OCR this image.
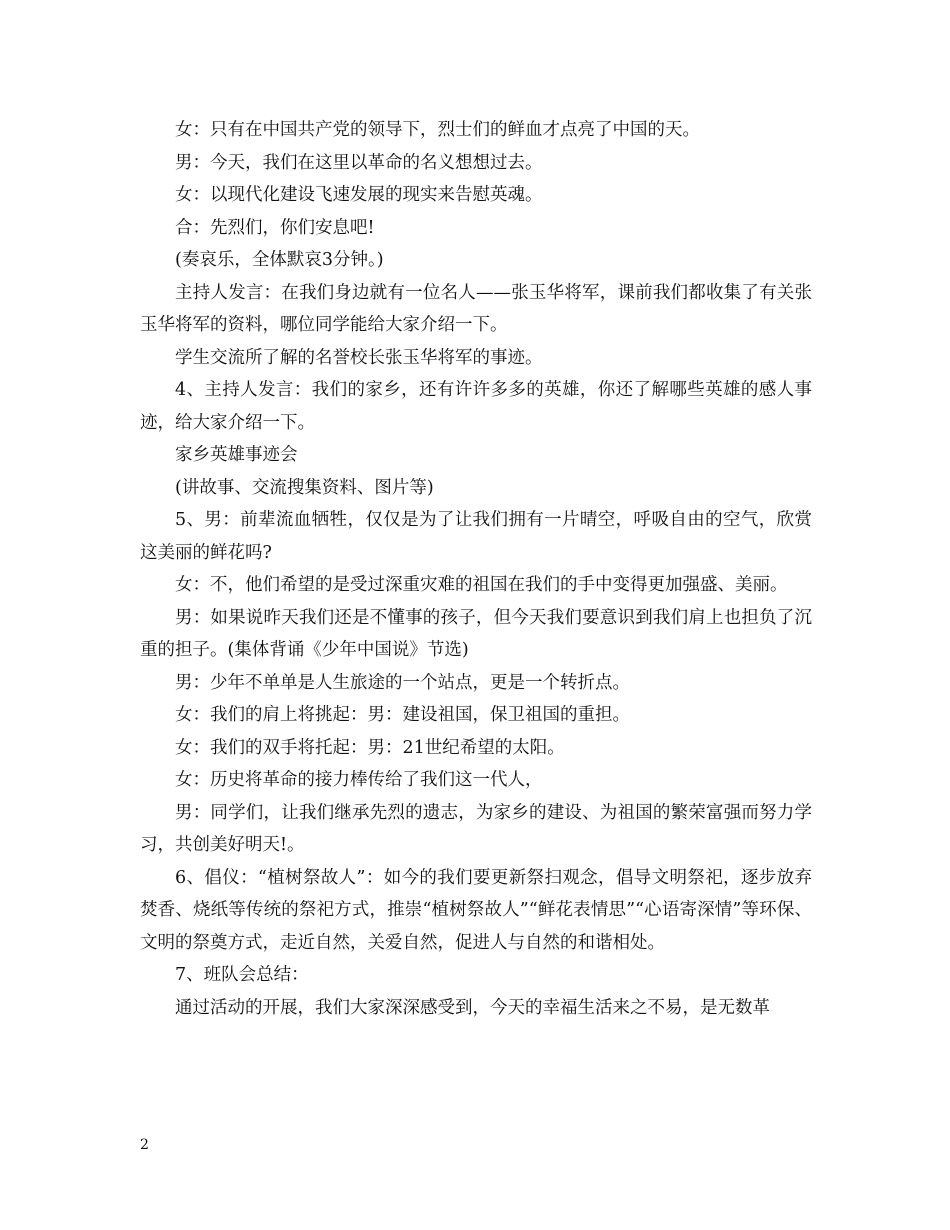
女：只有在中国共产党的领导下，烈士们的鲜血才点亮了中国的天。

男：今天，我们在这里以革命的名义想想过去。

女：以现代化建设飞速发展的现实来告慰英魂。

合：先烈们，你们安息吧!

(奏哀乐，全体默哀3分钟。)

主持人发言：在我们身边就有一位名人——张玉华将军，课前我们都收集了有关张玉华将军的资料，哪位同学能给大家介绍一下。

学生交流所了解的名誉校长张玉华将军的事迹。

4、主持人发言：我们的家乡，还有许许多多的英雄，你还了解哪些英雄的感人事迹，给大家介绍一下。

家乡英雄事迹会

(讲故事、交流搜集资料、图片等)

5、男：前辈流血牺牲，仅仅是为了让我们拥有一片晴空，呼吸自由的空气，欣赏这美丽的鲜花吗?

女：不，他们希望的是受过深重灾难的祖国在我们的手中变得更加强盛、美丽。

男：如果说昨天我们还是不懂事的孩子，但今天我们要意识到我们肩上也担负了沉重的担子。(集体背诵《少年中国说》节选)

男：少年不单单是人生旅途的一个站点，更是一个转折点。

女：我们的肩上将挑起：男：建设祖国，保卫祖国的重担。

女：我们的双手将托起：男：21世纪希望的太阳。

女：历史将革命的接力棒传给了我们这一代人，

男：同学们，让我们继承先烈的遗志，为家乡的建设、为祖国的繁荣富强而努力学习，共创美好明天!。

6、倡仪：“植树祭故人”：如今的我们要更新祭扫观念，倡导文明祭祀，逐步放弃焚香、烧纸等传统的祭祀方式，推崇“植树祭故人”“鲜花表情思”“心语寄深情”等环保、文明的祭奠方式，走近自然，关爱自然，促进人与自然的和谐相处。

7、班队会总结：

通过活动的开展，我们大家深深感受到，今天的幸福生活来之不易，是无数革

2
